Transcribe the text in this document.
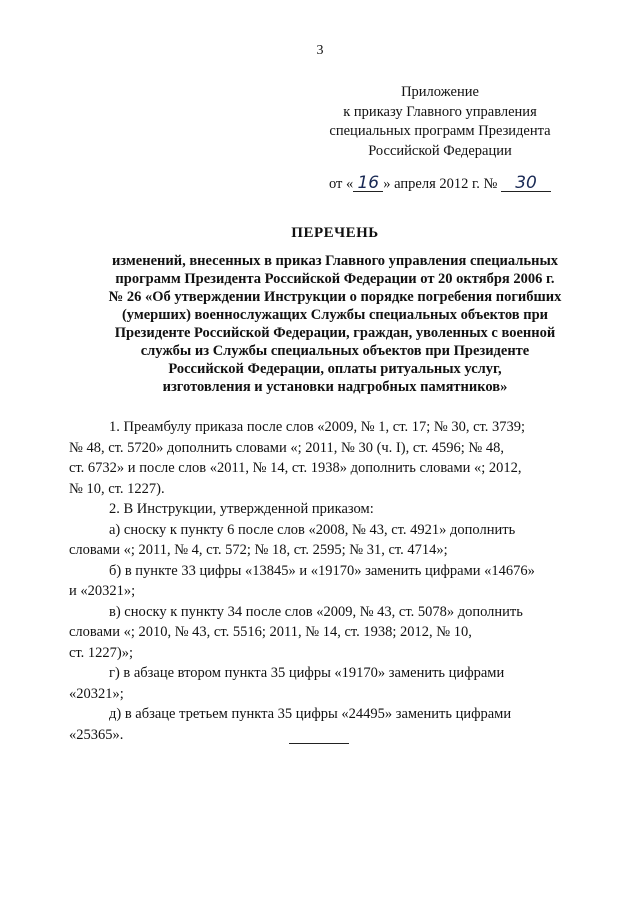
3
Приложение
к приказу Главного управления
специальных программ Президента
Российской Федерации
от « 16 » апреля 2012 г. № 30
ПЕРЕЧЕНЬ
изменений, внесенных в приказ Главного управления специальных
программ Президента Российской Федерации от 20 октября 2006 г.
№ 26 «Об утверждении Инструкции о порядке погребения погибших
(умерших) военнослужащих Службы специальных объектов при
Президенте Российской Федерации, граждан, уволенных с военной
службы из Службы специальных объектов при Президенте
Российской Федерации, оплаты ритуальных услуг,
изготовления и установки надгробных памятников»
1. Преамбулу приказа после слов «2009, № 1, ст. 17; № 30, ст. 3739;
№ 48, ст. 5720» дополнить словами «; 2011, № 30 (ч. I), ст. 4596; № 48,
ст. 6732» и после слов «2011, № 14, ст. 1938» дополнить словами «; 2012,
№ 10, ст. 1227).
2. В Инструкции, утвержденной приказом:
а) сноску к пункту 6 после слов «2008, № 43, ст. 4921» дополнить
словами «; 2011, № 4, ст. 572; № 18, ст. 2595; № 31, ст. 4714»;
б) в пункте 33 цифры «13845» и «19170» заменить цифрами «14676»
и «20321»;
в) сноску к пункту 34 после слов «2009, № 43, ст. 5078» дополнить
словами «; 2010, № 43, ст. 5516; 2011, № 14, ст. 1938; 2012, № 10,
ст. 1227)»;
г) в абзаце втором пункта 35 цифры «19170» заменить цифрами
«20321»;
д) в абзаце третьем пункта 35 цифры «24495» заменить цифрами
«25365».
